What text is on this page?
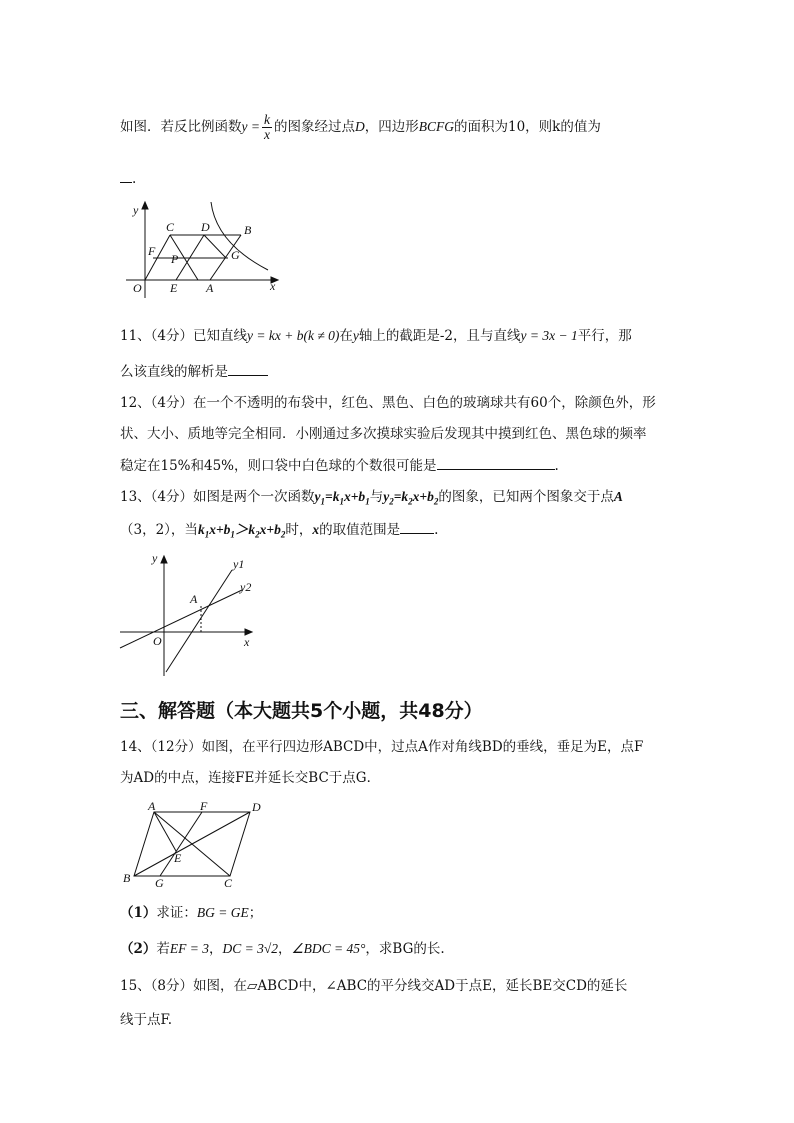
如图．若反比例函数$y = \frac{k}{x}$ 的图象经过点D，四边形BCFG的面积为10，则k的值为
.
y
C D	B
F	G
P
O E A	x
11、（4分）已知直线y = kx + b(k ≠ 0)在y轴上的截距是-2，且与直线y = 3x − 1平行，那
么该直线的解析是
12、（4分）在一个不透明的布袋中，红色、黑色、白色的玻璃球共有60个，除颜色外，形
状、大小、质地等完全相同．小刚通过多次摸球实验后发现其中摸到红色、黑色球的频率
稳定在15%和45%，则口袋中白色球的个数很可能是	.
13、（4分）如图是两个一次函数$y_1=k_1x+b_1$与$y_2=k_2x+b_2$的图象，已知两个图象交于点A
（3，2），当$k_1x+b_1>k_2x+b_2$时，x的取值范围是	.
y	y1
y2
A
O	x
三、解答题（本大题共5个小题，共48分）
14、（12分）如图，在平行四边形ABCD中，过点A作对角线BD的垂线，垂足为E，点F
为AD的中点，连接FE并延长交BC于点G．
A	F	D
E
B G	C
（1）求证：BG = GE；
（2）若EF = 3，DC = 3√2，∠BDC = 45°，求BG的长.
15、（8分）如图，在▱ABCD中，∠ABC的平分线交AD于点E，延长BE交CD的延长
线于点F.
